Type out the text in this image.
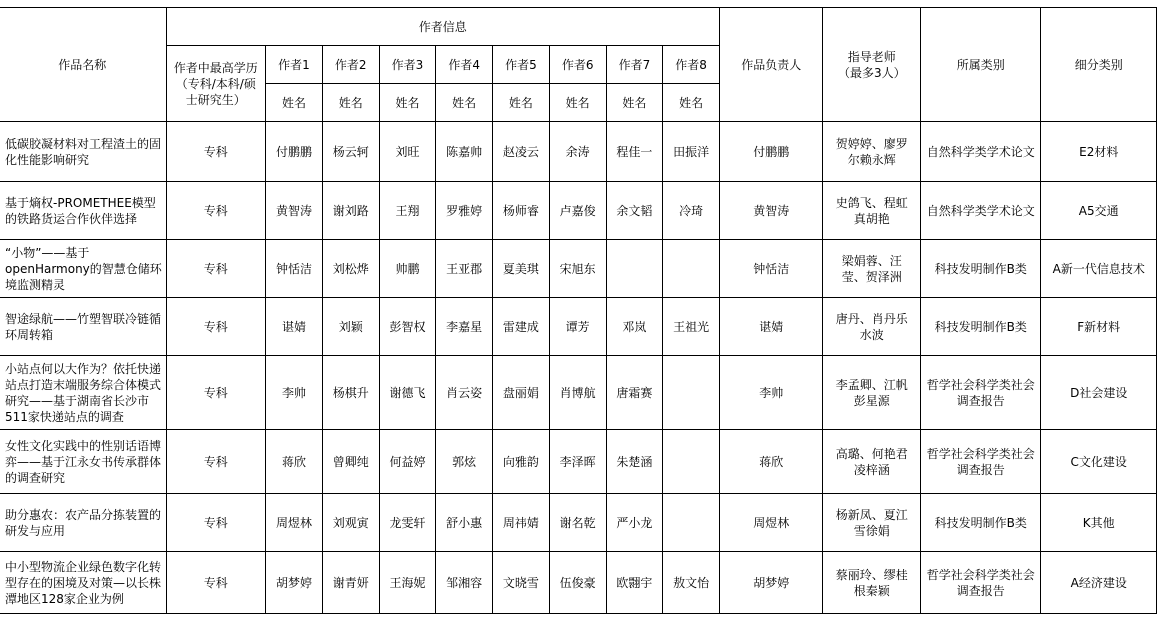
作品名称	作者信息									作品负责人	指导老师（最多3人）	所属类别	细分类别
	作者中最高学历（专科/本科/硕士研究生）	作者1	作者2	作者3	作者4	作者5	作者6	作者7	作者8				
		姓名	姓名	姓名	姓名	姓名	姓名	姓名	姓名				
低碳胶凝材料对工程渣土的固化性能影响研究	专科	付鹏鹏	杨云轲	刘旺	陈嘉帅	赵凌云	余涛	程佳一	田振洋	付鹏鹏	贺婷婷、廖罗尔赖永辉	自然科学类学术论文	E2材料
基于熵权-PROMETHEE模型的铁路货运合作伙伴选择	专科	黄智涛	谢刘路	王翔	罗雅婷	杨师睿	卢嘉俊	余文韬	冷琦	黄智涛	史鸽飞、程虹真胡艳	自然科学类学术论文	A5交通
“小物”——基于openHarmony的智慧仓储环境监测精灵	专科	钟恬洁	刘松烨	帅鹏	王亚郡	夏美琪	宋旭东			钟恬洁	梁娟蓉、汪莹、贺泽洲	科技发明制作B类	A新一代信息技术
智途绿航——竹塑智联冷链循环周转箱	专科	谌婧	刘颖	彭智权	李嘉星	雷建成	谭芳	邓岚	王祖光	谌婧	唐丹、肖丹乐水波	科技发明制作B类	F新材料
小站点何以大作为？依托快递站点打造末端服务综合体模式研究——基于湖南省长沙市511家快递站点的调查	专科	李帅	杨棋升	谢德飞	肖云姿	盘丽娟	肖博航	唐霜赛		李帅	李孟卿、江帆彭星源	哲学社会科学类社会调查报告	D社会建设
女性文化实践中的性别话语博弈——基于江永女书传承群体的调查研究	专科	蒋欣	曾卿纯	何益婷	郭炫	向雅韵	李泽晖	朱楚涵		蒋欣	高璐、何艳君凌梓涵	哲学社会科学类社会调查报告	C文化建设
助分惠农：农产品分拣装置的研发与应用	专科	周煜林	刘观寅	龙雯轩	舒小惠	周祎婧	谢名乾	严小龙		周煜林	杨新凤、夏江雪徐娟	科技发明制作B类	K其他
中小型物流企业绿色数字化转型存在的困境及对策—以长株潭地区128家企业为例	专科	胡梦婷	谢青妍	王海妮	邹湘容	文晓雪	伍俊豪	欧翾宇	敖文怡	胡梦婷	蔡丽玲、缪桂根秦颖	哲学社会科学类社会调查报告	A经济建设
